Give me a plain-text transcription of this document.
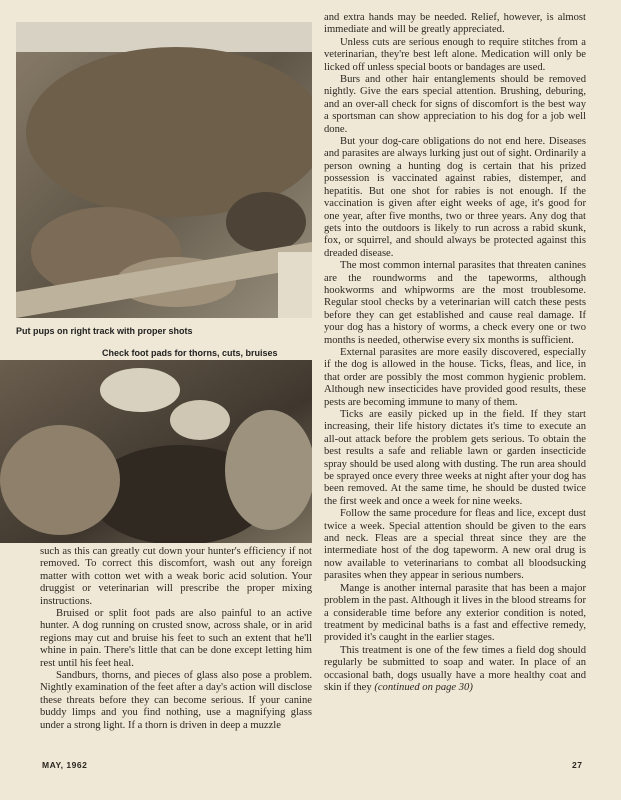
Put pups on right track with proper shots
Check foot pads for thorns, cuts, bruises

and extra hands may be needed. Relief, however, is almost immediate and will be greatly appreciated.

Unless cuts are serious enough to require stitches from a veterinarian, they're best left alone. Medication will only be licked off unless special boots or bandages are used.

Burs and other hair entanglements should be removed nightly. Give the ears special attention. Brushing, deburing, and an over-all check for signs of discomfort is the best way a sportsman can show appreciation to his dog for a job well done.

But your dog-care obligations do not end here. Diseases and parasites are always lurking just out of sight. Ordinarily a person owning a hunting dog is certain that his prized possession is vaccinated against rabies, distemper, and hepatitis. But one shot for rabies is not enough. If the vaccination is given after eight weeks of age, it's good for one year, after five months, two or three years. Any dog that gets into the outdoors is likely to run across a rabid skunk, fox, or squirrel, and should always be protected against this dreaded disease.

The most common internal parasites that threaten canines are the roundworms and the tapeworms, although hookworms and whipworms are the most troublesome. Regular stool checks by a veterinarian will catch these pests before they can get established and cause real damage. If your dog has a history of worms, a check every one or two months is needed, otherwise every six months is sufficient.

External parasites are more easily discovered, especially if the dog is allowed in the house. Ticks, fleas, and lice, in that order are possibly the most common hygienic problem. Although new insecticides have provided good results, these pests are becoming immune to many of them.

Ticks are easily picked up in the field. If they start increasing, their life history dictates it's time to execute an all-out attack before the problem gets serious. To obtain the best results a safe and reliable lawn or garden insecticide spray should be used along with dusting. The run area should be sprayed once every three weeks at night after your dog has been removed. At the same time, he should be dusted twice the first week and once a week for nine weeks.

Follow the same procedure for fleas and lice, except dust twice a week. Special attention should be given to the ears and neck. Fleas are a special threat since they are the intermediate host of the dog tapeworm. A new oral drug is now available to veterinarians to combat all bloodsucking parasites when they appear in serious numbers.

Mange is another internal parasite that has been a major problem in the past. Although it lives in the blood streams for a considerable time before any exterior condition is noted, treatment by medicinal baths is a fast and effective remedy, provided it's caught in the earlier stages.

This treatment is one of the few times a field dog should regularly be submitted to soap and water. In place of an occasional bath, dogs usually have a more healthy coat and skin if they (continued on page 30)

such as this can greatly cut down your hunter's efficiency if not removed. To correct this discomfort, wash out any foreign matter with cotton wet with a weak boric acid solution. Your druggist or veterinarian will prescribe the proper mixing instructions.

Bruised or split foot pads are also painful to an active hunter. A dog running on crusted snow, across shale, or in arid regions may cut and bruise his feet to such an extent that he'll whine in pain. There's little that can be done except letting him rest until his feet heal.

Sandburs, thorns, and pieces of glass also pose a problem. Nightly examination of the feet after a day's action will disclose these threats before they can become serious. If your canine buddy limps and you find nothing, use a magnifying glass under a strong light. If a thorn is driven in deep a muzzle

MAY, 1962	27
